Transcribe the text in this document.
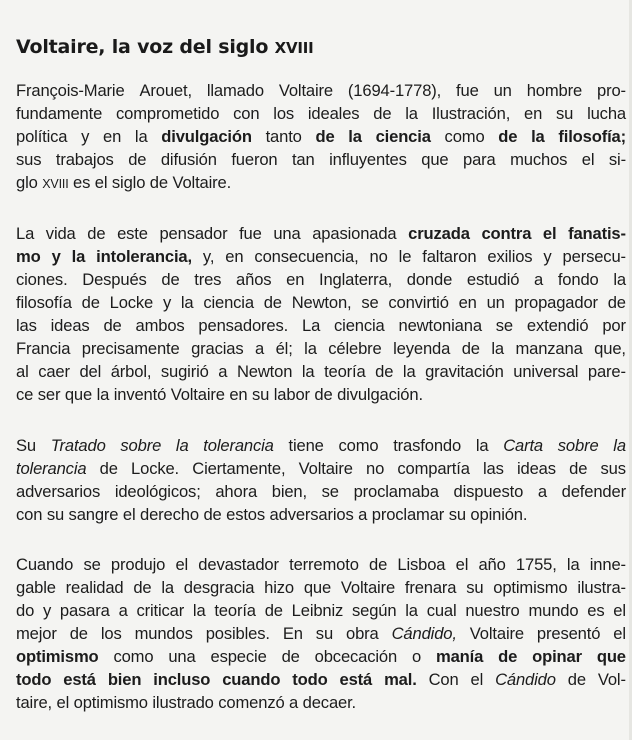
Voltaire, la voz del siglo XVIII
François-Marie Arouet, llamado Voltaire (1694-1778), fue un hombre pro-
fundamente comprometido con los ideales de la Ilustración, en su lucha
política y en la divulgación tanto de la ciencia como de la filosofía;
sus trabajos de difusión fueron tan influyentes que para muchos el si-
glo XVIII es el siglo de Voltaire.
La vida de este pensador fue una apasionada cruzada contra el fanatis-
mo y la intolerancia, y, en consecuencia, no le faltaron exilios y persecu-
ciones. Después de tres años en Inglaterra, donde estudió a fondo la
filosofía de Locke y la ciencia de Newton, se convirtió en un propagador de
las ideas de ambos pensadores. La ciencia newtoniana se extendió por
Francia precisamente gracias a él; la célebre leyenda de la manzana que,
al caer del árbol, sugirió a Newton la teoría de la gravitación universal pare-
ce ser que la inventó Voltaire en su labor de divulgación.
Su Tratado sobre la tolerancia tiene como trasfondo la Carta sobre la
tolerancia de Locke. Ciertamente, Voltaire no compartía las ideas de sus
adversarios ideológicos; ahora bien, se proclamaba dispuesto a defender
con su sangre el derecho de estos adversarios a proclamar su opinión.
Cuando se produjo el devastador terremoto de Lisboa el año 1755, la inne-
gable realidad de la desgracia hizo que Voltaire frenara su optimismo ilustra-
do y pasara a criticar la teoría de Leibniz según la cual nuestro mundo es el
mejor de los mundos posibles. En su obra Cándido, Voltaire presentó el
optimismo como una especie de obcecación o manía de opinar que
todo está bien incluso cuando todo está mal. Con el Cándido de Vol-
taire, el optimismo ilustrado comenzó a decaer.
